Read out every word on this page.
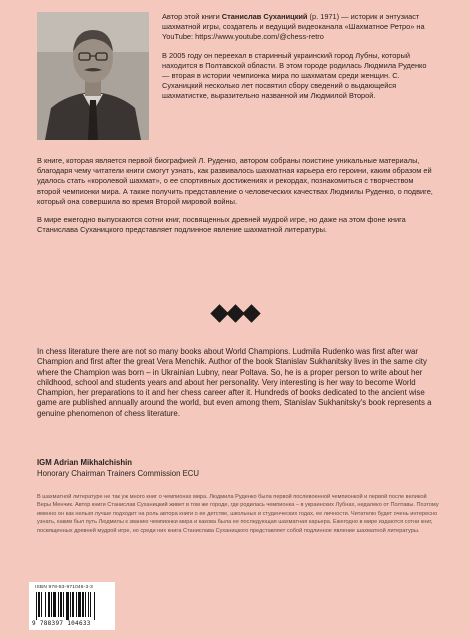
Автор этой книги Станислав Суханицкий (р. 1971) — историк и энтузиаст шахматной игры, создатель и ведущий видеоканала «Шахматное Ретро» на YouTube: https://www.youtube.com/@chess-retro

В 2005 году он переехал в старинный украинский город Лубны, который находится в Полтавской области. В этом городе родилась Людмила Руденко — вторая в истории чемпионка мира по шахматам среди женщин. С. Суханицкий несколько лет посвятил сбору сведений о выдающейся шахматистке, выразительно названной им Людмилой Второй.

В книге, которая является первой биографией Л. Руденко, автором собраны поистине уникальные материалы, благодаря чему читатели книги смогут узнать, как развивалось шахматная карьера его героини, каким образом ей удалось стать «королевой шахмат», о ее спортивных достижениях и рекордах, познакомиться с творчеством второй чемпионки мира. А также получить представление о человеческих качествах Людмилы Руденко, о подвиге, который она совершила во время Второй мировой войны.

В мире ежегодно выпускаются сотни книг, посвященных древней мудрой игре, но даже на этом фоне книга Станислава Суханицкого представляет подлинное явление шахматной литературы.

In chess literature there are not so many books about World Champions. Ludmila Rudenko was first after war Champion and first after the great Vera Menchik. Author of the book Stanislav Sukhanitsky lives in the same city where the Champion was born – in Ukrainian Lubny, near Poltava. So, he is a proper person to write about her childhood, school and students years and about her personality. Very interesting is her way to become World Champion, her preparations to it and her chess career after it. Hundreds of books dedicated to the ancient wise game are published annually around the world, but even among them, Stanislav Sukhanitsky's book represents a genuine phenomenon of chess literature.

IGM Adrian Mikhalchishin
Honorary Chairman Trainers Commission ECU

В шахматной литературе не так уж много книг о чемпионах мира. Людмила Руденко была первой послевоенной чемпионкой и первой после великой Веры Менчик. Автор книги Станислав Суханицкий живет в том же городе, где родилась чемпионка – в украинских Лубнах, недалеко от Полтавы. Поэтому именно он как нельзя лучше подходит на роль автора книги о ее детстве, школьных и студенческих годах, ее личности. Читателю будет очень интересно узнать, каким был путь Людмилы к званию чемпионки мира и какова была ее последующая шахматная карьера. Ежегодно в мире издаются сотни книг, посвященных древней мудрой игре, но среди них книга Станислава Суханицкого представляет собой подлинное явление шахматной литературы.

ISBN 978-83-971046-3-3
9 788397 104633
